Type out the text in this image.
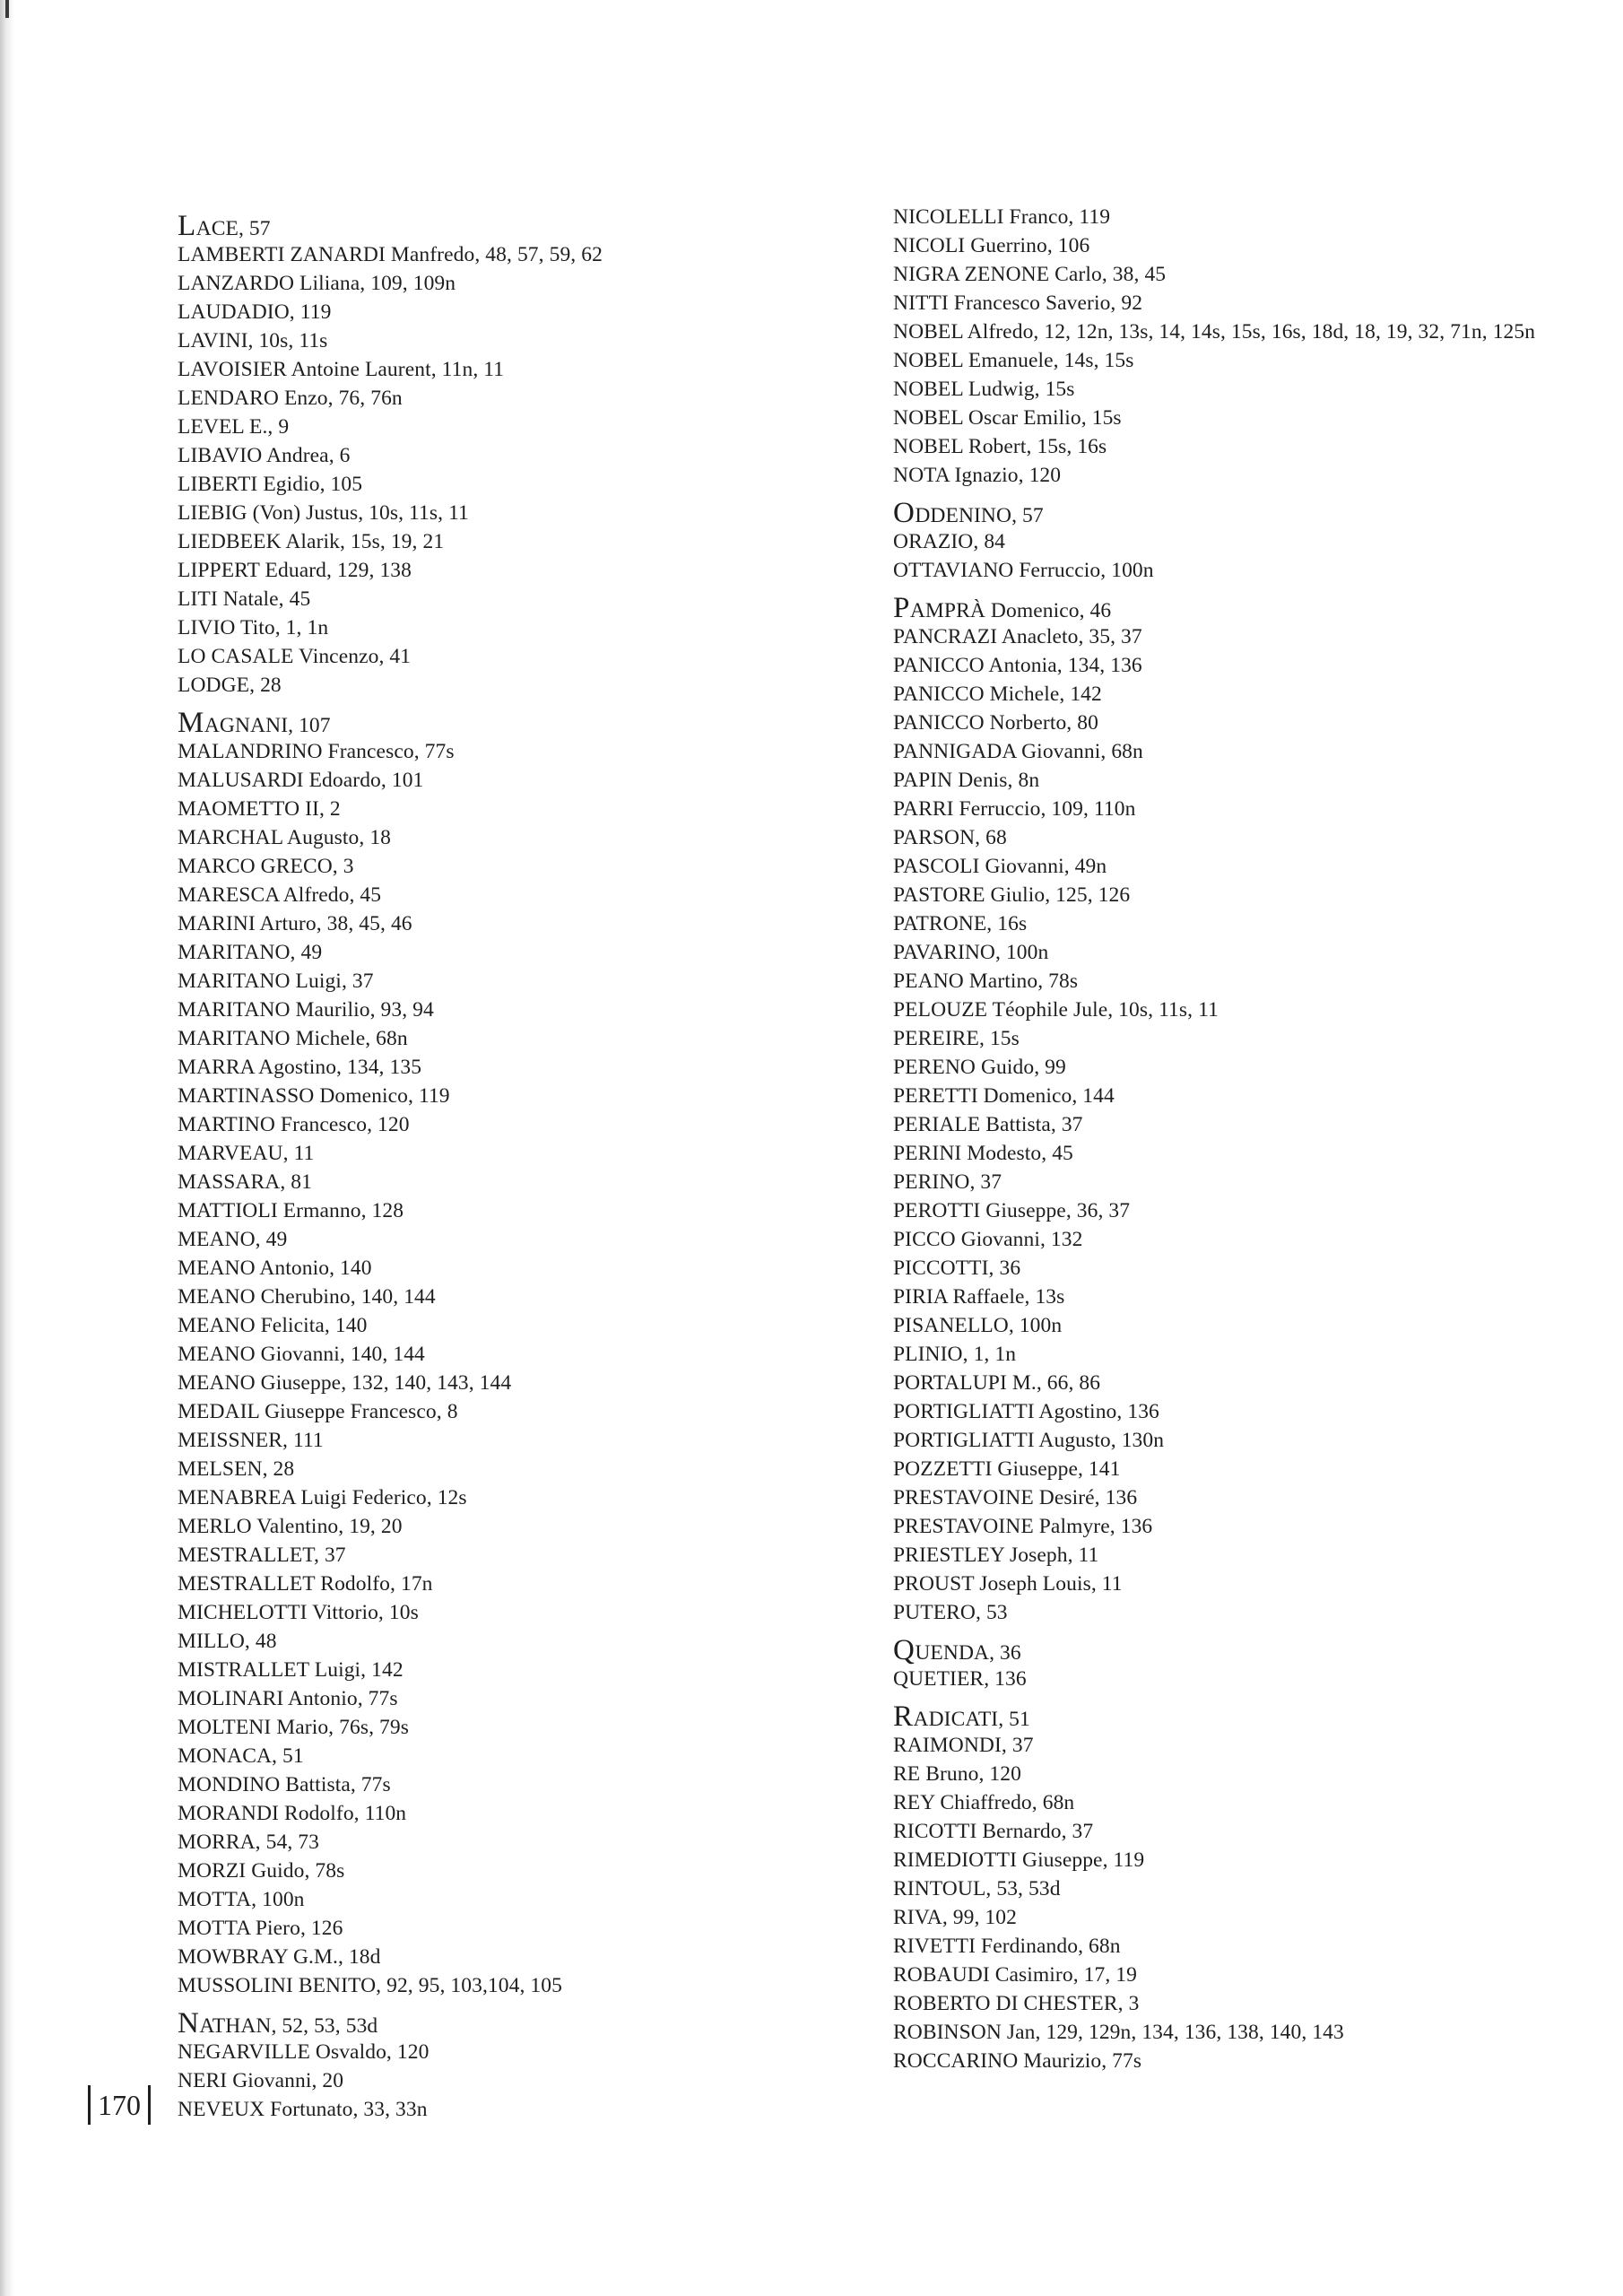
LACE, 57
LAMBERTI ZANARDI Manfredo, 48, 57, 59, 62
LANZARDO Liliana, 109, 109n
LAUDADIO, 119
LAVINI, 10s, 11s
LAVOISIER Antoine Laurent, 11n, 11
LENDARO Enzo, 76, 76n
LEVEL E., 9
LIBAVIO Andrea, 6
LIBERTI Egidio, 105
LIEBIG (Von) Justus, 10s, 11s, 11
LIEDBEEK Alarik, 15s, 19, 21
LIPPERT Eduard, 129, 138
LITI Natale, 45
LIVIO Tito, 1, 1n
LO CASALE Vincenzo, 41
LODGE, 28
MAGNANI, 107
MALANDRINO Francesco, 77s
MALUSARDI Edoardo, 101
MAOMETTO II, 2
MARCHAL Augusto, 18
MARCO GRECO, 3
MARESCA Alfredo, 45
MARINI Arturo, 38, 45, 46
MARITANO, 49
MARITANO Luigi, 37
MARITANO Maurilio, 93, 94
MARITANO Michele, 68n
MARRA Agostino, 134, 135
MARTINASSO Domenico, 119
MARTINO Francesco, 120
MARVEAU, 11
MASSARA, 81
MATTIOLI Ermanno, 128
MEANO, 49
MEANO Antonio, 140
MEANO Cherubino, 140, 144
MEANO Felicita, 140
MEANO Giovanni, 140, 144
MEANO Giuseppe, 132, 140, 143, 144
MEDAIL Giuseppe Francesco, 8
MEISSNER, 111
MELSEN, 28
MENABREA Luigi Federico, 12s
MERLO Valentino, 19, 20
MESTRALLET, 37
MESTRALLET Rodolfo, 17n
MICHELOTTI Vittorio, 10s
MILLO, 48
MISTRALLET Luigi, 142
MOLINARI Antonio, 77s
MOLTENI Mario, 76s, 79s
MONACA, 51
MONDINO Battista, 77s
MORANDI Rodolfo, 110n
MORRA, 54, 73
MORZI Guido, 78s
MOTTA, 100n
MOTTA Piero, 126
MOWBRAY G.M., 18d
MUSSOLINI BENITO, 92, 95, 103,104, 105
NATHAN, 52, 53, 53d
NEGARVILLE Osvaldo, 120
NERI Giovanni, 20
NEVEUX Fortunato, 33, 33n
NICOLELLI Franco, 119
NICOLI Guerrino, 106
NIGRA ZENONE Carlo, 38, 45
NITTI Francesco Saverio, 92
NOBEL Alfredo, 12, 12n, 13s, 14, 14s, 15s, 16s, 18d, 18, 19, 32, 71n, 125n
NOBEL Emanuele, 14s, 15s
NOBEL Ludwig, 15s
NOBEL Oscar Emilio, 15s
NOBEL Robert, 15s, 16s
NOTA Ignazio, 120
ODDENINO, 57
ORAZIO, 84
OTTAVIANO Ferruccio, 100n
PAMPRÀ Domenico, 46
PANCRAZI Anacleto, 35, 37
PANICCO Antonia, 134, 136
PANICCO Michele, 142
PANICCO Norberto, 80
PANNIGADA Giovanni, 68n
PAPIN Denis, 8n
PARRI Ferruccio, 109, 110n
PARSON, 68
PASCOLI Giovanni, 49n
PASTORE Giulio, 125, 126
PATRONE, 16s
PAVARINO, 100n
PEANO Martino, 78s
PELOUZE Téophile Jule, 10s, 11s, 11
PEREIRE, 15s
PERENO Guido, 99
PERETTI Domenico, 144
PERIALE Battista, 37
PERINI Modesto, 45
PERINO, 37
PEROTTI Giuseppe, 36, 37
PICCO Giovanni, 132
PICCOTTI, 36
PIRIA Raffaele, 13s
PISANELLO, 100n
PLINIO, 1, 1n
PORTALUPI M., 66, 86
PORTIGLIATTI Agostino, 136
PORTIGLIATTI Augusto, 130n
POZZETTI Giuseppe, 141
PRESTAVOINE Desiré, 136
PRESTAVOINE Palmyre, 136
PRIESTLEY Joseph, 11
PROUST Joseph Louis, 11
PUTERO, 53
QUENDA, 36
QUETIER, 136
RADICATI, 51
RAIMONDI, 37
RE Bruno, 120
REY Chiaffredo, 68n
RICOTTI Bernardo, 37
RIMEDIOTTI Giuseppe, 119
RINTOUL, 53, 53d
RIVA, 99, 102
RIVETTI Ferdinando, 68n
ROBAUDI Casimiro, 17, 19
ROBERTO DI CHESTER, 3
ROBINSON Jan, 129, 129n, 134, 136, 138, 140, 143
ROCCARINO Maurizio, 77s
170
